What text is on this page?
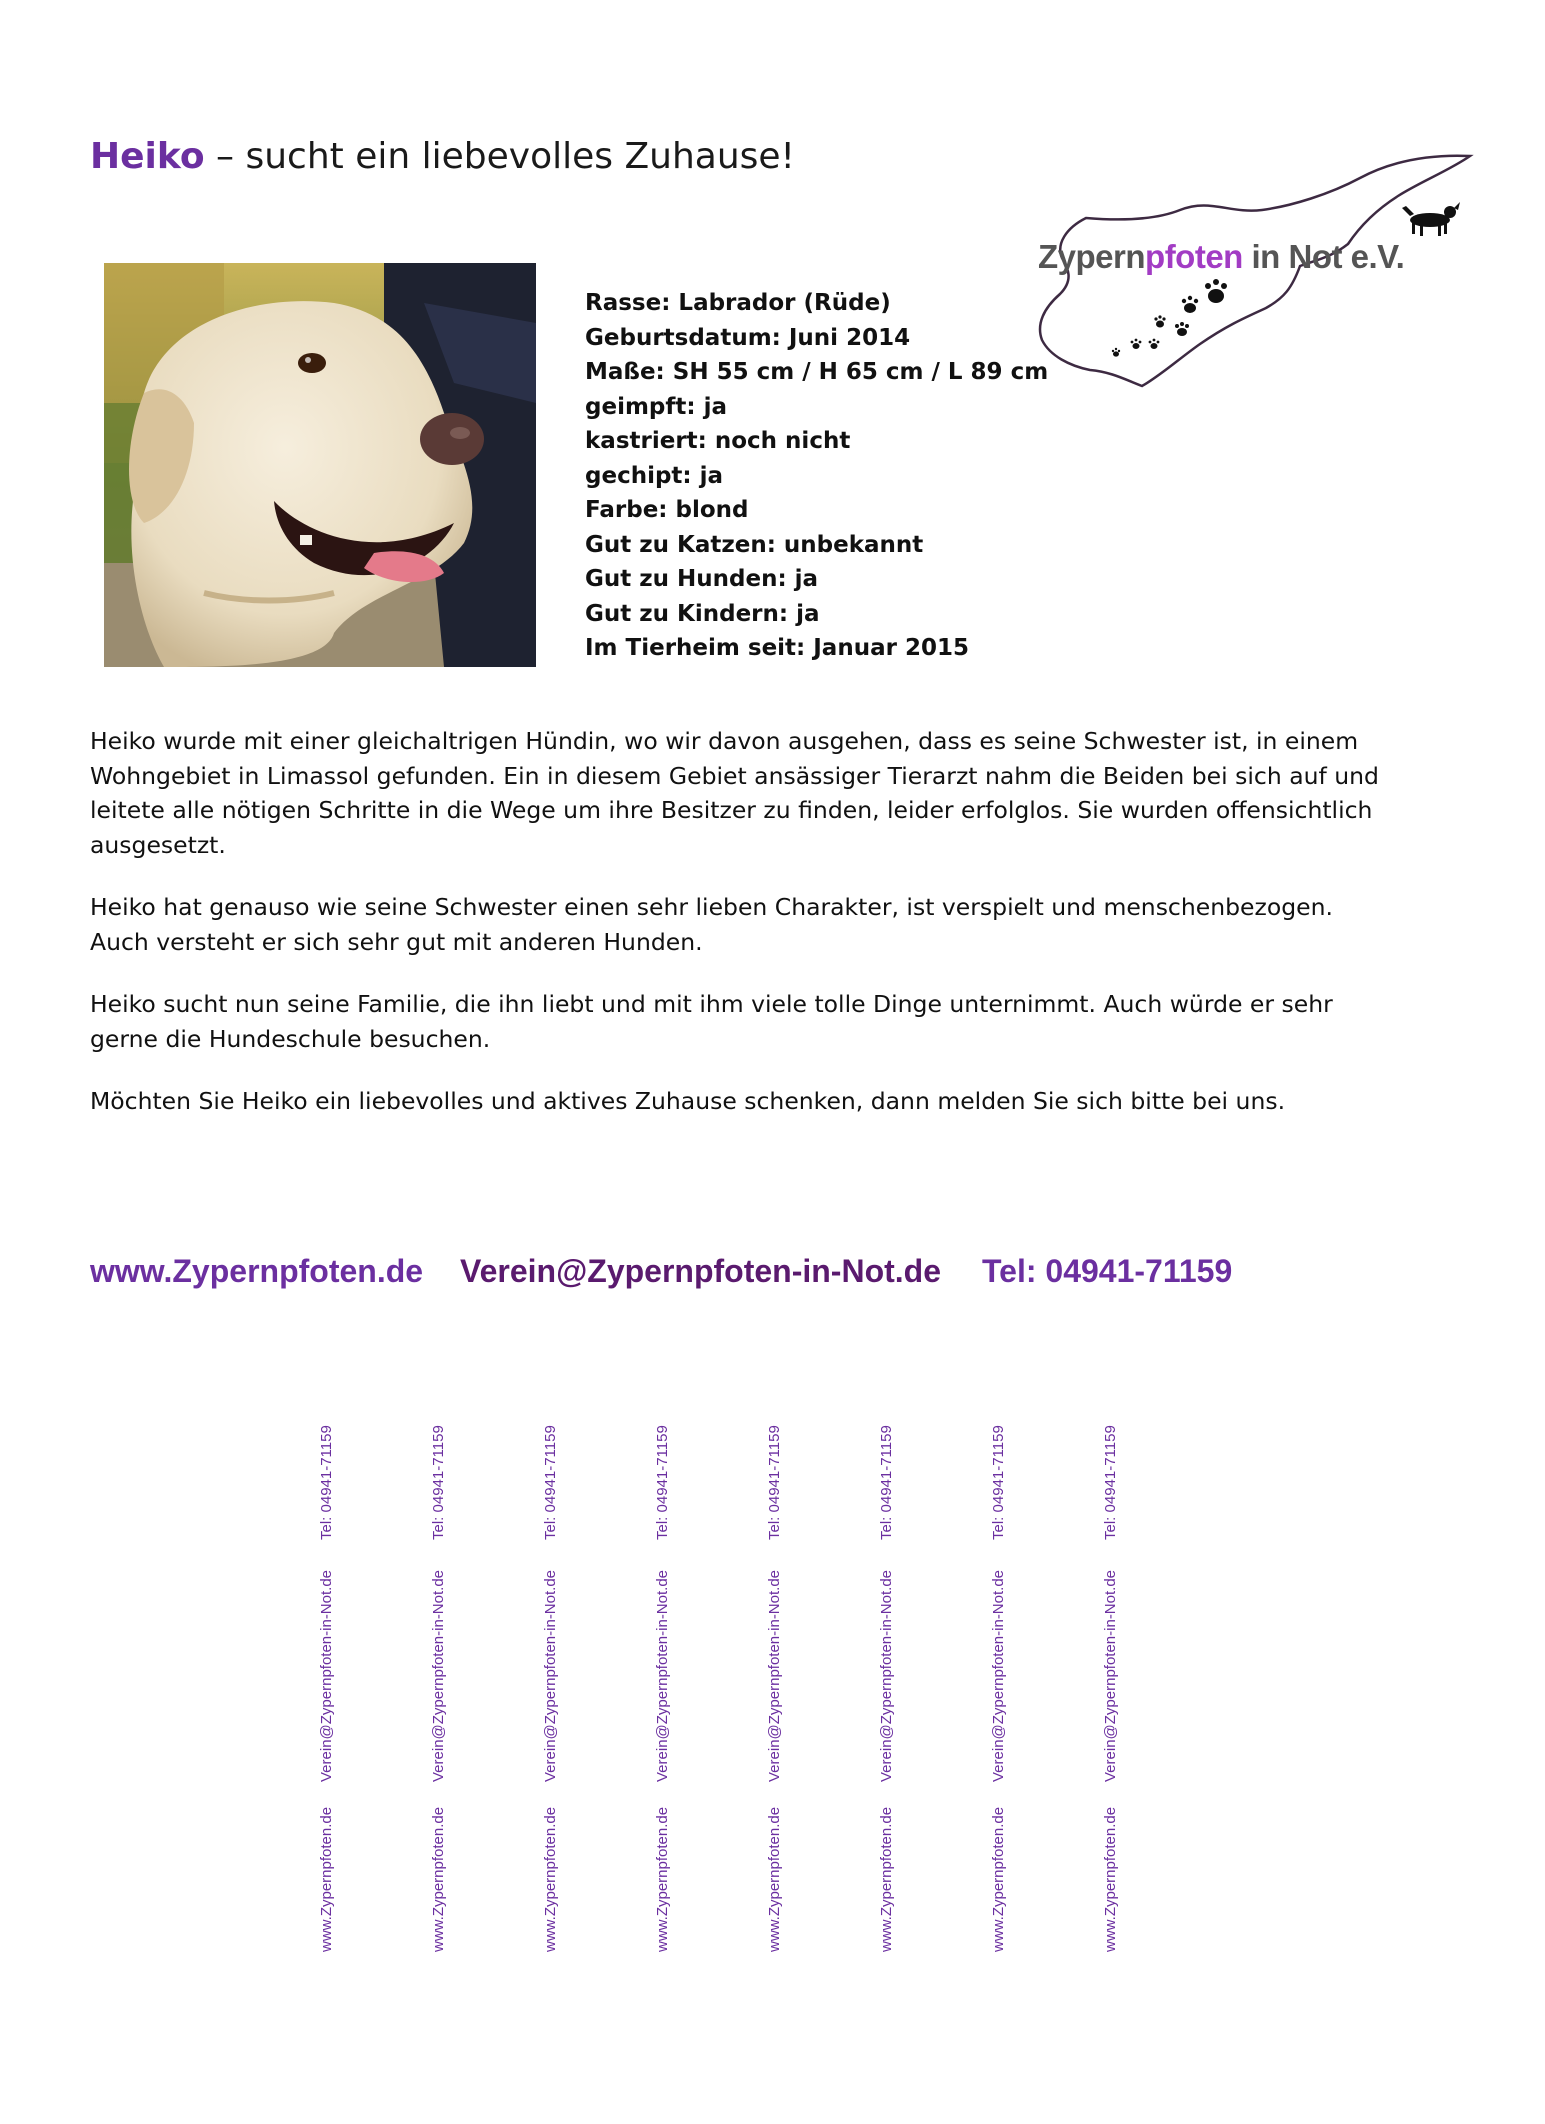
Heiko – sucht ein liebevolles Zuhause!
Zypernpfoten in Not e.V.
Rasse: Labrador (Rüde)
Geburtsdatum: Juni 2014
Maße: SH 55 cm / H 65 cm / L 89 cm
geimpft: ja
kastriert: noch nicht
gechipt: ja
Farbe: blond
Gut zu Katzen: unbekannt
Gut zu Hunden: ja
Gut zu Kindern: ja
Im Tierheim seit: Januar 2015

Heiko wurde mit einer gleichaltrigen Hündin, wo wir davon ausgehen, dass es seine Schwester ist, in einem Wohngebiet in Limassol gefunden. Ein in diesem Gebiet ansässiger Tierarzt nahm die Beiden bei sich auf und leitete alle nötigen Schritte in die Wege um ihre Besitzer zu finden, leider erfolglos. Sie wurden offensichtlich ausgesetzt.

Heiko hat genauso wie seine Schwester einen sehr lieben Charakter, ist verspielt und menschenbezogen. Auch versteht er sich sehr gut mit anderen Hunden.

Heiko sucht nun seine Familie, die ihn liebt und mit ihm viele tolle Dinge unternimmt. Auch würde er sehr gerne die Hundeschule besuchen.

Möchten Sie Heiko ein liebevolles und aktives Zuhause schenken, dann melden Sie sich bitte bei uns.

www.Zypernpfoten.de Verein@Zypernpfoten-in-Not.de Tel: 04941-71159
Tel: 04941-71159
Verein@Zypernpfoten-in-Not.de
www.Zypernpfoten.de
Tel: 04941-71159
Verein@Zypernpfoten-in-Not.de
www.Zypernpfoten.de
Tel: 04941-71159
Verein@Zypernpfoten-in-Not.de
www.Zypernpfoten.de
Tel: 04941-71159
Verein@Zypernpfoten-in-Not.de
www.Zypernpfoten.de
Tel: 04941-71159
Verein@Zypernpfoten-in-Not.de
www.Zypernpfoten.de
Tel: 04941-71159
Verein@Zypernpfoten-in-Not.de
www.Zypernpfoten.de
Tel: 04941-71159
Verein@Zypernpfoten-in-Not.de
www.Zypernpfoten.de
Tel: 04941-71159
Verein@Zypernpfoten-in-Not.de
www.Zypernpfoten.de
